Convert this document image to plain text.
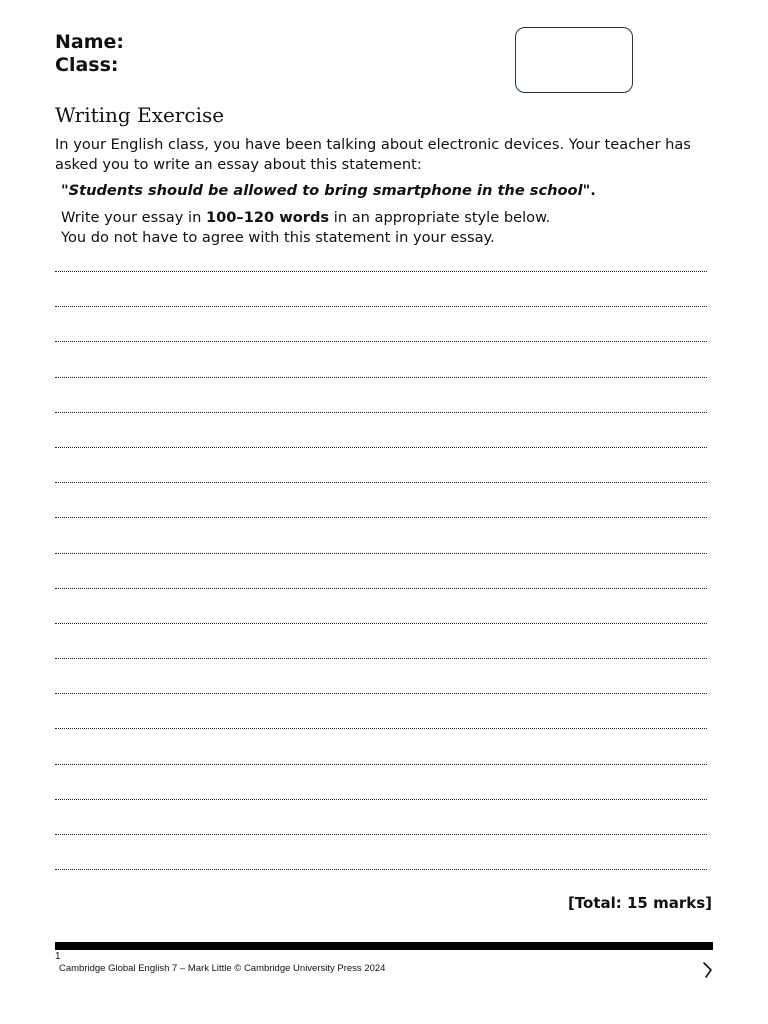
Name:
Class:
Writing Exercise

In your English class, you have been talking about electronic devices. Your teacher has asked you to write an essay about this statement:

"Students should be allowed to bring smartphone in the school".

Write your essay in 100–120 words in an appropriate style below.

You do not have to agree with this statement in your essay.

[Total: 15 marks]

1
Cambridge Global English 7 – Mark Little © Cambridge University Press 2024
